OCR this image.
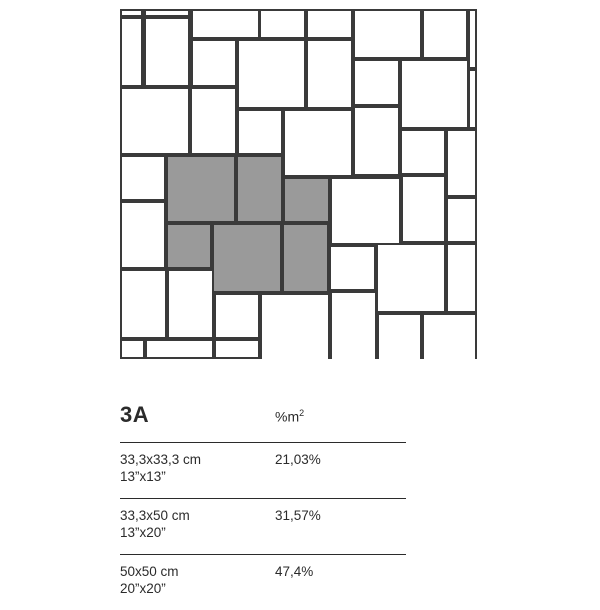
3A	$\%m^2$
33,3x33,3 cm
13”x13”
21,03%
33,3x50 cm
13”x20”
31,57%
50x50 cm
20”x20”
47,4%
